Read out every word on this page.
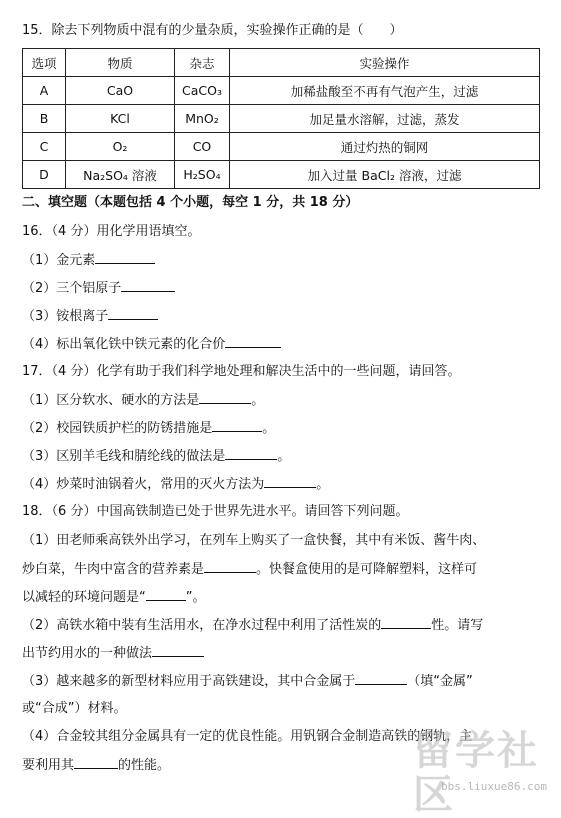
15．除去下列物质中混有的少量杂质，实验操作正确的是（　　）
选项	物质	杂志	实验操作
A	CaO	CaCO₃	加稀盐酸至不再有气泡产生，过滤
B	KCl	MnO₂	加足量水溶解，过滤，蒸发
C	O₂	CO	通过灼热的铜网
D	Na₂SO₄ 溶液	H₂SO₄	加入过量 BaCl₂ 溶液，过滤
二、填空题（本题包括 4 个小题，每空 1 分，共 18 分）
16．（4 分）用化学用语填空。
（1）金元素
（2）三个铝原子
（3）铵根离子
（4）标出氧化铁中铁元素的化合价
17．（4 分）化学有助于我们科学地处理和解决生活中的一些问题，请回答。
（1）区分软水、硬水的方法是	。
（2）校园铁质护栏的防锈措施是	。
（3）区别羊毛线和腈纶线的做法是	。
（4）炒菜时油锅着火，常用的灭火方法为	。
18．（6 分）中国高铁制造已处于世界先进水平。请回答下列问题。
（1）田老师乘高铁外出学习，在列车上购买了一盒快餐，其中有米饭、酱牛肉、
炒白菜，牛肉中富含的营养素是	。快餐盒使用的是可降解塑料，这样可
以减轻的环境问题是“	”。
（2）高铁水箱中装有生活用水，在净水过程中利用了活性炭的	性。请写
出节约用水的一种做法
（3）越来越多的新型材料应用于高铁建设，其中合金属于	（填“金属”
或“合成”）材料。
（4）合金较其组分金属具有一定的优良性能。用钒钢合金制造高铁的钢轨，主
要利用其	的性能。	留学社区
bbs.liuxue86.com
